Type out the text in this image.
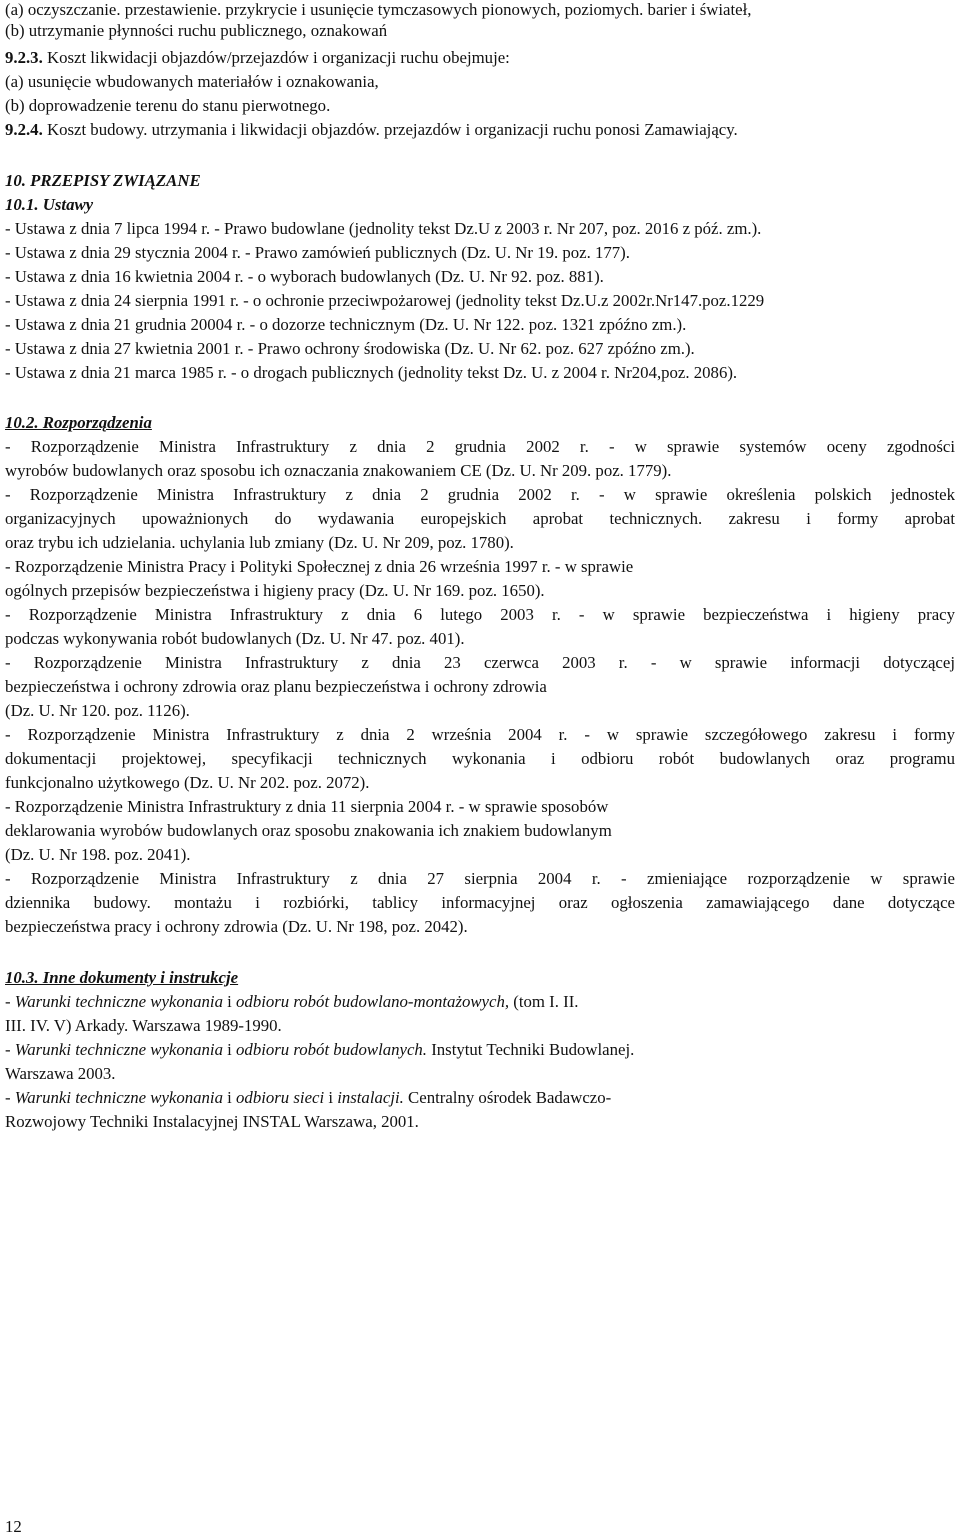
(a) oczyszczanie. przestawienie. przykrycie i usunięcie tymczasowych pionowych, poziomych. barier i świateł,
(b) utrzymanie płynności ruchu publicznego, oznakowań
9.2.3. Koszt likwidacji objazdów/przejazdów i organizacji ruchu obejmuje:
(a) usunięcie wbudowanych materiałów i oznakowania,
(b) doprowadzenie terenu do stanu pierwotnego.
9.2.4. Koszt budowy. utrzymania i likwidacji objazdów. przejazdów i organizacji ruchu ponosi Zamawiający.
10. PRZEPISY ZWIĄZANE
10.1. Ustawy
- Ustawa z dnia 7 lipca 1994 r. - Prawo budowlane (jednolity tekst Dz.U z 2003 r. Nr 207, poz. 2016 z póź. zm.).
- Ustawa z dnia 29 stycznia 2004 r. - Prawo zamówień publicznych (Dz. U. Nr 19. poz. 177).
- Ustawa z dnia 16 kwietnia 2004 r. - o wyborach budowlanych (Dz. U. Nr 92. poz. 881).
- Ustawa z dnia 24 sierpnia 1991 r. - o ochronie przeciwpożarowej (jednolity tekst Dz.U.z 2002r.Nr147.poz.1229
- Ustawa z dnia 21 grudnia 20004 r. - o dozorze technicznym (Dz. U. Nr 122. poz. 1321 zpóźno zm.).
- Ustawa z dnia 27 kwietnia 2001 r. - Prawo ochrony środowiska (Dz. U. Nr 62. poz. 627 zpóźno zm.).
- Ustawa z dnia 21 marca 1985 r. - o drogach publicznych (jednolity tekst Dz. U. z 2004 r. Nr204,poz. 2086).
10.2. Rozporządzenia
- Rozporządzenie Ministra Infrastruktury z dnia 2 grudnia 2002 r. - w sprawie systemów oceny zgodności
wyrobów budowlanych oraz sposobu ich oznaczania znakowaniem CE (Dz. U. Nr 209. poz. 1779).
- Rozporządzenie Ministra Infrastruktury z dnia 2 grudnia 2002 r. - w sprawie określenia polskich jednostek
organizacyjnych upoważnionych do wydawania europejskich aprobat technicznych. zakresu i formy aprobat
oraz trybu ich udzielania. uchylania lub zmiany (Dz. U. Nr 209, poz. 1780).
- Rozporządzenie Ministra Pracy i Polityki Społecznej z dnia 26 września 1997 r. - w sprawie
ogólnych przepisów bezpieczeństwa i higieny pracy (Dz. U. Nr 169. poz. 1650).
- Rozporządzenie Ministra Infrastruktury z dnia 6 lutego 2003 r. - w sprawie bezpieczeństwa i higieny pracy
podczas wykonywania robót budowlanych (Dz. U. Nr 47. poz. 401).
- Rozporządzenie Ministra Infrastruktury z dnia 23 czerwca 2003 r. - w sprawie informacji dotyczącej
bezpieczeństwa i ochrony zdrowia oraz planu bezpieczeństwa i ochrony zdrowia
(Dz. U. Nr 120. poz. 1126).
- Rozporządzenie Ministra Infrastruktury z dnia 2 września 2004 r. - w sprawie szczegółowego zakresu i formy
dokumentacji projektowej, specyfikacji technicznych wykonania i odbioru robót budowlanych oraz programu
funkcjonalno użytkowego (Dz. U. Nr 202. poz. 2072).
- Rozporządzenie Ministra Infrastruktury z dnia 11 sierpnia 2004 r. - w sprawie sposobów
deklarowania wyrobów budowlanych oraz sposobu znakowania ich znakiem budowlanym
(Dz. U. Nr 198. poz. 2041).
- Rozporządzenie Ministra Infrastruktury z dnia 27 sierpnia 2004 r. - zmieniające rozporządzenie w sprawie
dziennika budowy. montażu i rozbiórki, tablicy informacyjnej oraz ogłoszenia zamawiającego dane dotyczące
bezpieczeństwa pracy i ochrony zdrowia (Dz. U. Nr 198, poz. 2042).
10.3. Inne dokumenty i instrukcje
- Warunki techniczne wykonania i odbioru robót budowlano-montażowych, (tom I. II.
III. IV. V) Arkady. Warszawa 1989-1990.
- Warunki techniczne wykonania i odbioru robót budowlanych. Instytut Techniki Budowlanej.
Warszawa 2003.
- Warunki techniczne wykonania i odbioru sieci i instalacji. Centralny ośrodek Badawczo-
Rozwojowy Techniki Instalacyjnej INSTAL Warszawa, 2001.
12
